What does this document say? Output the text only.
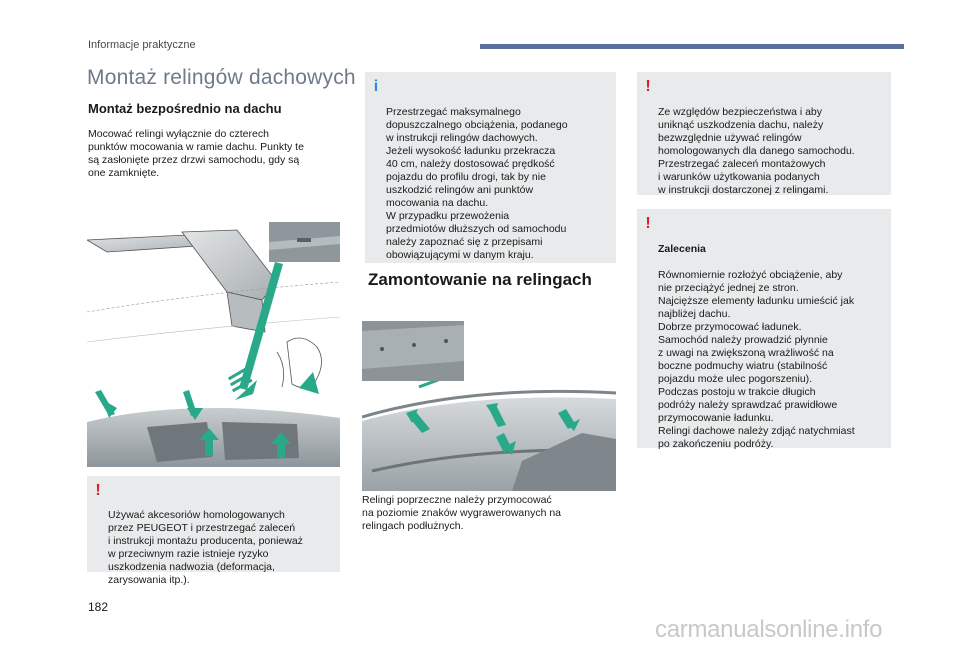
Informacje praktyczne
Montaż relingów dachowych
Montaż bezpośrednio na dachu
Mocować relingi wyłącznie do czterech
punktów mocowania w ramie dachu. Punkty te
są zasłonięte przez drzwi samochodu, gdy są
one zamknięte.

!

Używać akcesoriów homologowanych
przez PEUGEOT i przestrzegać zaleceń
i instrukcji montażu producenta, ponieważ
w przeciwnym razie istnieje ryzyko
uszkodzenia nadwozia (deformacja,
zarysowania itp.).

i

Przestrzegać maksymalnego
dopuszczalnego obciążenia, podanego
w instrukcji relingów dachowych.
Jeżeli wysokość ładunku przekracza
40 cm, należy dostosować prędkość
pojazdu do profilu drogi, tak by nie
uszkodzić relingów ani punktów
mocowania na dachu.
W przypadku przewożenia
przedmiotów dłuższych od samochodu
należy zapoznać się z przepisami
obowiązującymi w danym kraju.

Zamontowanie na relingach
Relingi poprzeczne należy przymocować
na poziomie znaków wygrawerowanych na
relingach podłużnych.

!

Ze względów bezpieczeństwa i aby
uniknąć uszkodzenia dachu, należy
bezwzględnie używać relingów
homologowanych dla danego samochodu.
Przestrzegać zaleceń montażowych
i warunków użytkowania podanych
w instrukcji dostarczonej z relingami.

!

Zalecenia

Równomiernie rozłożyć obciążenie, aby
nie przeciążyć jednej ze stron.
Najcięższe elementy ładunku umieścić jak
najbliżej dachu.
Dobrze przymocować ładunek.
Samochód należy prowadzić płynnie
z uwagi na zwiększoną wrażliwość na
boczne podmuchy wiatru (stabilność
pojazdu może ulec pogorszeniu).
Podczas postoju w trakcie długich
podróży należy sprawdzać prawidłowe
przymocowanie ładunku.
Relingi dachowe należy zdjąć natychmiast
po zakończeniu podróży.

182
carmanualsonline.info
